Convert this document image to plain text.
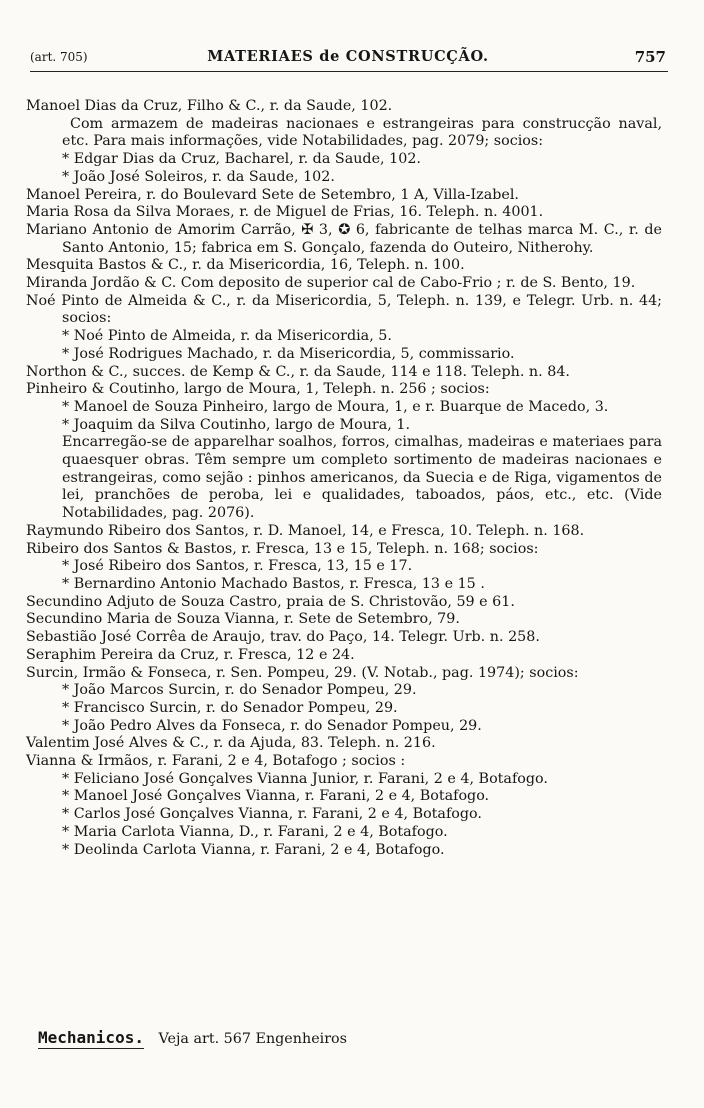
(art. 705)	MATERIAES de CONSTRUCÇÃO.	757
Manoel Dias da Cruz, Filho & C., r. da Saude, 102.
Com armazem de madeiras nacionaes e estrangeiras para construcção naval, etc. Para mais informações, vide Notabilidades, pag. 2079; socios:
* Edgar Dias da Cruz, Bacharel, r. da Saude, 102.
* João José Soleiros, r. da Saude, 102.
Manoel Pereira, r. do Boulevard Sete de Setembro, 1 A, Villa-Izabel.
Maria Rosa da Silva Moraes, r. de Miguel de Frias, 16. Teleph. n. 4001.
Mariano Antonio de Amorim Carrão, ✠ 3, ✪ 6, fabricante de telhas marca M. C., r. de Santo Antonio, 15; fabrica em S. Gonçalo, fazenda do Outeiro, Nitherohy.
Mesquita Bastos & C., r. da Misericordia, 16, Teleph. n. 100.
Miranda Jordão & C. Com deposito de superior cal de Cabo-Frio ; r. de S. Bento, 19.
Noé Pinto de Almeida & C., r. da Misericordia, 5, Teleph. n. 139, e Telegr. Urb. n. 44; socios:
* Noé Pinto de Almeida, r. da Misericordia, 5.
* José Rodrigues Machado, r. da Misericordia, 5, commissario.
Northon & C., succes. de Kemp & C., r. da Saude, 114 e 118. Teleph. n. 84.
Pinheiro & Coutinho, largo de Moura, 1, Teleph. n. 256 ; socios:
* Manoel de Souza Pinheiro, largo de Moura, 1, e r. Buarque de Macedo, 3.
* Joaquim da Silva Coutinho, largo de Moura, 1.
Encarregão-se de apparelhar soalhos, forros, cimalhas, madeiras e materiaes para quaesquer obras. Têm sempre um completo sortimento de madeiras nacionaes e estrangeiras, como sejão : pinhos americanos, da Suecia e de Riga, vigamentos de lei, pranchões de peroba, lei e qualidades, taboados, páos, etc., etc. (Vide Notabilidades, pag. 2076).
Raymundo Ribeiro dos Santos, r. D. Manoel, 14, e Fresca, 10. Teleph. n. 168.
Ribeiro dos Santos & Bastos, r. Fresca, 13 e 15, Teleph. n. 168; socios:
* José Ribeiro dos Santos, r. Fresca, 13, 15 e 17.
* Bernardino Antonio Machado Bastos, r. Fresca, 13 e 15 .
Secundino Adjuto de Souza Castro, praia de S. Christovão, 59 e 61.
Secundino Maria de Souza Vianna, r. Sete de Setembro, 79.
Sebastião José Corrêa de Araujo, trav. do Paço, 14. Telegr. Urb. n. 258.
Seraphim Pereira da Cruz, r. Fresca, 12 e 24.
Surcin, Irmão & Fonseca, r. Sen. Pompeu, 29. (V. Notab., pag. 1974); socios:
* João Marcos Surcin, r. do Senador Pompeu, 29.
* Francisco Surcin, r. do Senador Pompeu, 29.
* João Pedro Alves da Fonseca, r. do Senador Pompeu, 29.
Valentim José Alves & C., r. da Ajuda, 83. Teleph. n. 216.
Vianna & Irmãos, r. Farani, 2 e 4, Botafogo ; socios :
* Feliciano José Gonçalves Vianna Junior, r. Farani, 2 e 4, Botafogo.
* Manoel José Gonçalves Vianna, r. Farani, 2 e 4, Botafogo.
* Carlos José Gonçalves Vianna, r. Farani, 2 e 4, Botafogo.
* Maria Carlota Vianna, D., r. Farani, 2 e 4, Botafogo.
* Deolinda Carlota Vianna, r. Farani, 2 e 4, Botafogo.
Mechanicos. Veja art. 567 Engenheiros
